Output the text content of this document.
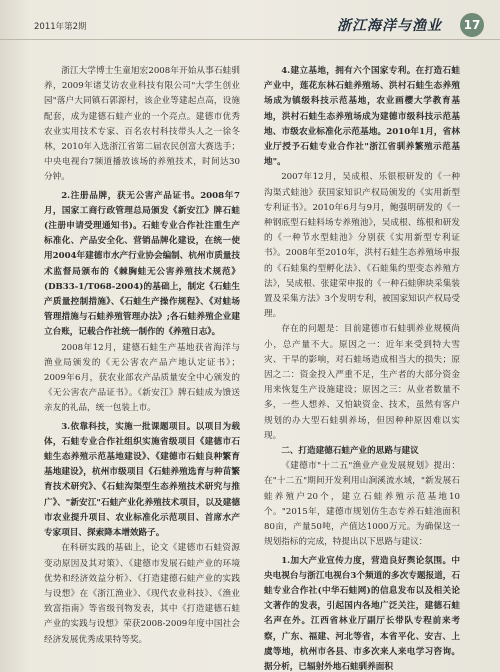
2011年第2期	浙江海洋与渔业	17

浙江大学博士生童旭宏2008年开始从事石蛙驯养，2009年诸艾访农业科技有限公司"大学生创业园"落户大同镇石郭源村，该企业等建起点高，设施配套，成为建德石蛙产业的一个亮点。建德市优秀农业实用技术专家、百名农村科技带头人之一徐冬林，2010年入选浙江省第二届农民创富大赛选手；中央电视台7频道播放该场的养殖技术，时间达30分钟。

2.注册品牌，获无公害产品证书。2008年7月，国家工商行政管理总局颁发《新安江》牌石蛙(注册申请受理通知书)。石蛙专业合作社注重生产标准化、产品安全化、营销品牌化建设，在统一使用2004年建德市水产行业协会编制、杭州市质量技术监督局颁布的《棘胸蛙无公害养殖技术规范》(DB33-1/T068-2004)的基础上，制定《石蛙生产质量控制措施》、《石蛙生产操作规程》、《对蛙场管理措施与石蛙养殖管理办法》;各石蛙养殖企业建立台账，记载合作社统一制作的《养殖日志》。

2008年12月，建德石蛙生产基地获省海洋与渔业局颁发的《无公害农产品产地认定证书》；2009年6月，获农业部农产品质量安全中心颁发的《无公害农产品证书》。《新安江》牌石蛙成为馈送亲友的礼品，统一包装上市。

3.依靠科技，实施一批课题项目。以项目为载体，石蛙专业合作社组织实施省级项目《建德市石蛙生态养殖示范基地建设》、《建德市石蛙良种繁育基地建设》，杭州市级项目《石蛙养殖选育与种苗繁育技术研究》、《石蛙沟渠型生态养殖技术研究与推广》、"新安江"石蛙产业化养殖技术项目，以及建德市农业提升项目、农业标准化示范项目、首席水产专家项目、探索降本增效路子。

在科研实践的基础上，论文《建德市石蛙资源变动原因及其对策》、《建德市发展石蛙产业的环境优势和经济效益分析》、《打造建德石蛙产业的实践与设想》在《浙江渔业》、《现代农业科技》、《渔业致富指南》等省级刊物发表，其中《打造建德石蛙产业的实践与设想》荣获2008-2009年度中国社会经济发展优秀成果特等奖。

4.建立基地，拥有六个国家专利。在打造石蛙产业中，莲花东林石蛙养殖场、洪村石蛙生态养殖场成为镇级科技示范基地，农业画樱大学教育基地，洪村石蛙生态养殖场成为建德市级科技示范基地、市级农业标准化示范基地。2010年1月，省林业厅授予石蛙专业合作社"浙江省驯养繁殖示范基地"。

2007年12月，吴成根、乐银根研发的《一种沟渠式蛙池》获国家知识产权局颁发的《实用新型专利证书》。2010年6月与9月，鲍强明研发的《一种钢底型石蛙料场专养殖池》，吴成根、练根和研发的《一种节水型蛙池》分别获《实用新型专利证书》。2008年至2010年，洪村石蛙生态养殖场申报的《石蛙集约型孵化法》、《石蛙集约型变态养殖方法》，吴成根、张建荣申报的《一种石蛙卵块采集装置及采集方法》3个发明专利，被国家知识产权局受理。

存在的问题是：目前建德市石蛙驯养业规模尚小，总产量不大。原因之一：近年来受到特大雪灾、干旱的影响，对石蛙场造成相当大的损失；原因之二：资金投入严重不足，生产者的大部分资金用来恢复生产设施建设；原因之三：从业者数量不多，一些人想养、又怕缺资金、技术，虽然有客户规划的办大型石蛙驯养场，但因种种原因难以实现。

二、打造建德石蛙产业的思路与建议

《建德市"十二五"渔业产业发展规划》提出：在"十二五"期间开发利用山涧溪流水域，"新发展石蛙养殖户20个，建立石蛙养殖示范基地10个。"2015年，建德市规划仿生态专养石蛙池面积80亩，产量50吨，产值达1000万元。为确保这一规划指标的完成，特提出以下思路与建议：

1.加大产业宣传力度，营造良好舆论氛围。中央电视台与浙江电视台3个频道的多次专题报道，石蛙专业合作社(中华石蛙网)的信息发布以及相关论文著作的发表，引起国内各地广泛关注，建德石蛙名声在外。江西省林业厅副厅长带队专程前来考察，广东、福建、河北等省，本省平化、安吉、上虞等地，杭州市各县、市多次来人来电学习咨询。据分析，已辐射外地石蛙驯养面积
